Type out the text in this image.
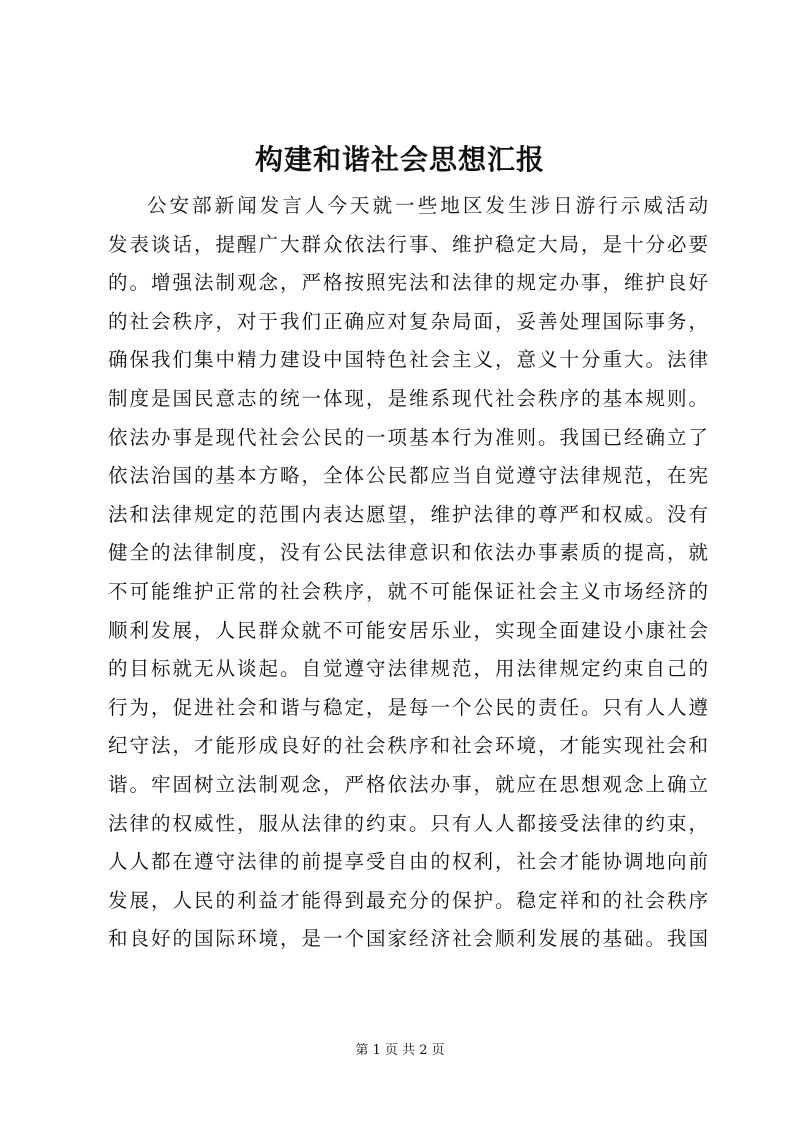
构建和谐社会思想汇报
公安部新闻发言人今天就一些地区发生涉日游行示威活动
发表谈话，提醒广大群众依法行事、维护稳定大局，是十分必要
的。增强法制观念，严格按照宪法和法律的规定办事，维护良好
的社会秩序，对于我们正确应对复杂局面，妥善处理国际事务，
确保我们集中精力建设中国特色社会主义，意义十分重大。法律
制度是国民意志的统一体现，是维系现代社会秩序的基本规则。
依法办事是现代社会公民的一项基本行为准则。我国已经确立了
依法治国的基本方略，全体公民都应当自觉遵守法律规范，在宪
法和法律规定的范围内表达愿望，维护法律的尊严和权威。没有
健全的法律制度，没有公民法律意识和依法办事素质的提高，就
不可能维护正常的社会秩序，就不可能保证社会主义市场经济的
顺利发展，人民群众就不可能安居乐业，实现全面建设小康社会
的目标就无从谈起。自觉遵守法律规范，用法律规定约束自己的
行为，促进社会和谐与稳定，是每一个公民的责任。只有人人遵
纪守法，才能形成良好的社会秩序和社会环境，才能实现社会和
谐。牢固树立法制观念，严格依法办事，就应在思想观念上确立
法律的权威性，服从法律的约束。只有人人都接受法律的约束，
人人都在遵守法律的前提享受自由的权利，社会才能协调地向前
发展，人民的利益才能得到最充分的保护。稳定祥和的社会秩序
和良好的国际环境，是一个国家经济社会顺利发展的基础。我国
第 1 页 共 2 页
